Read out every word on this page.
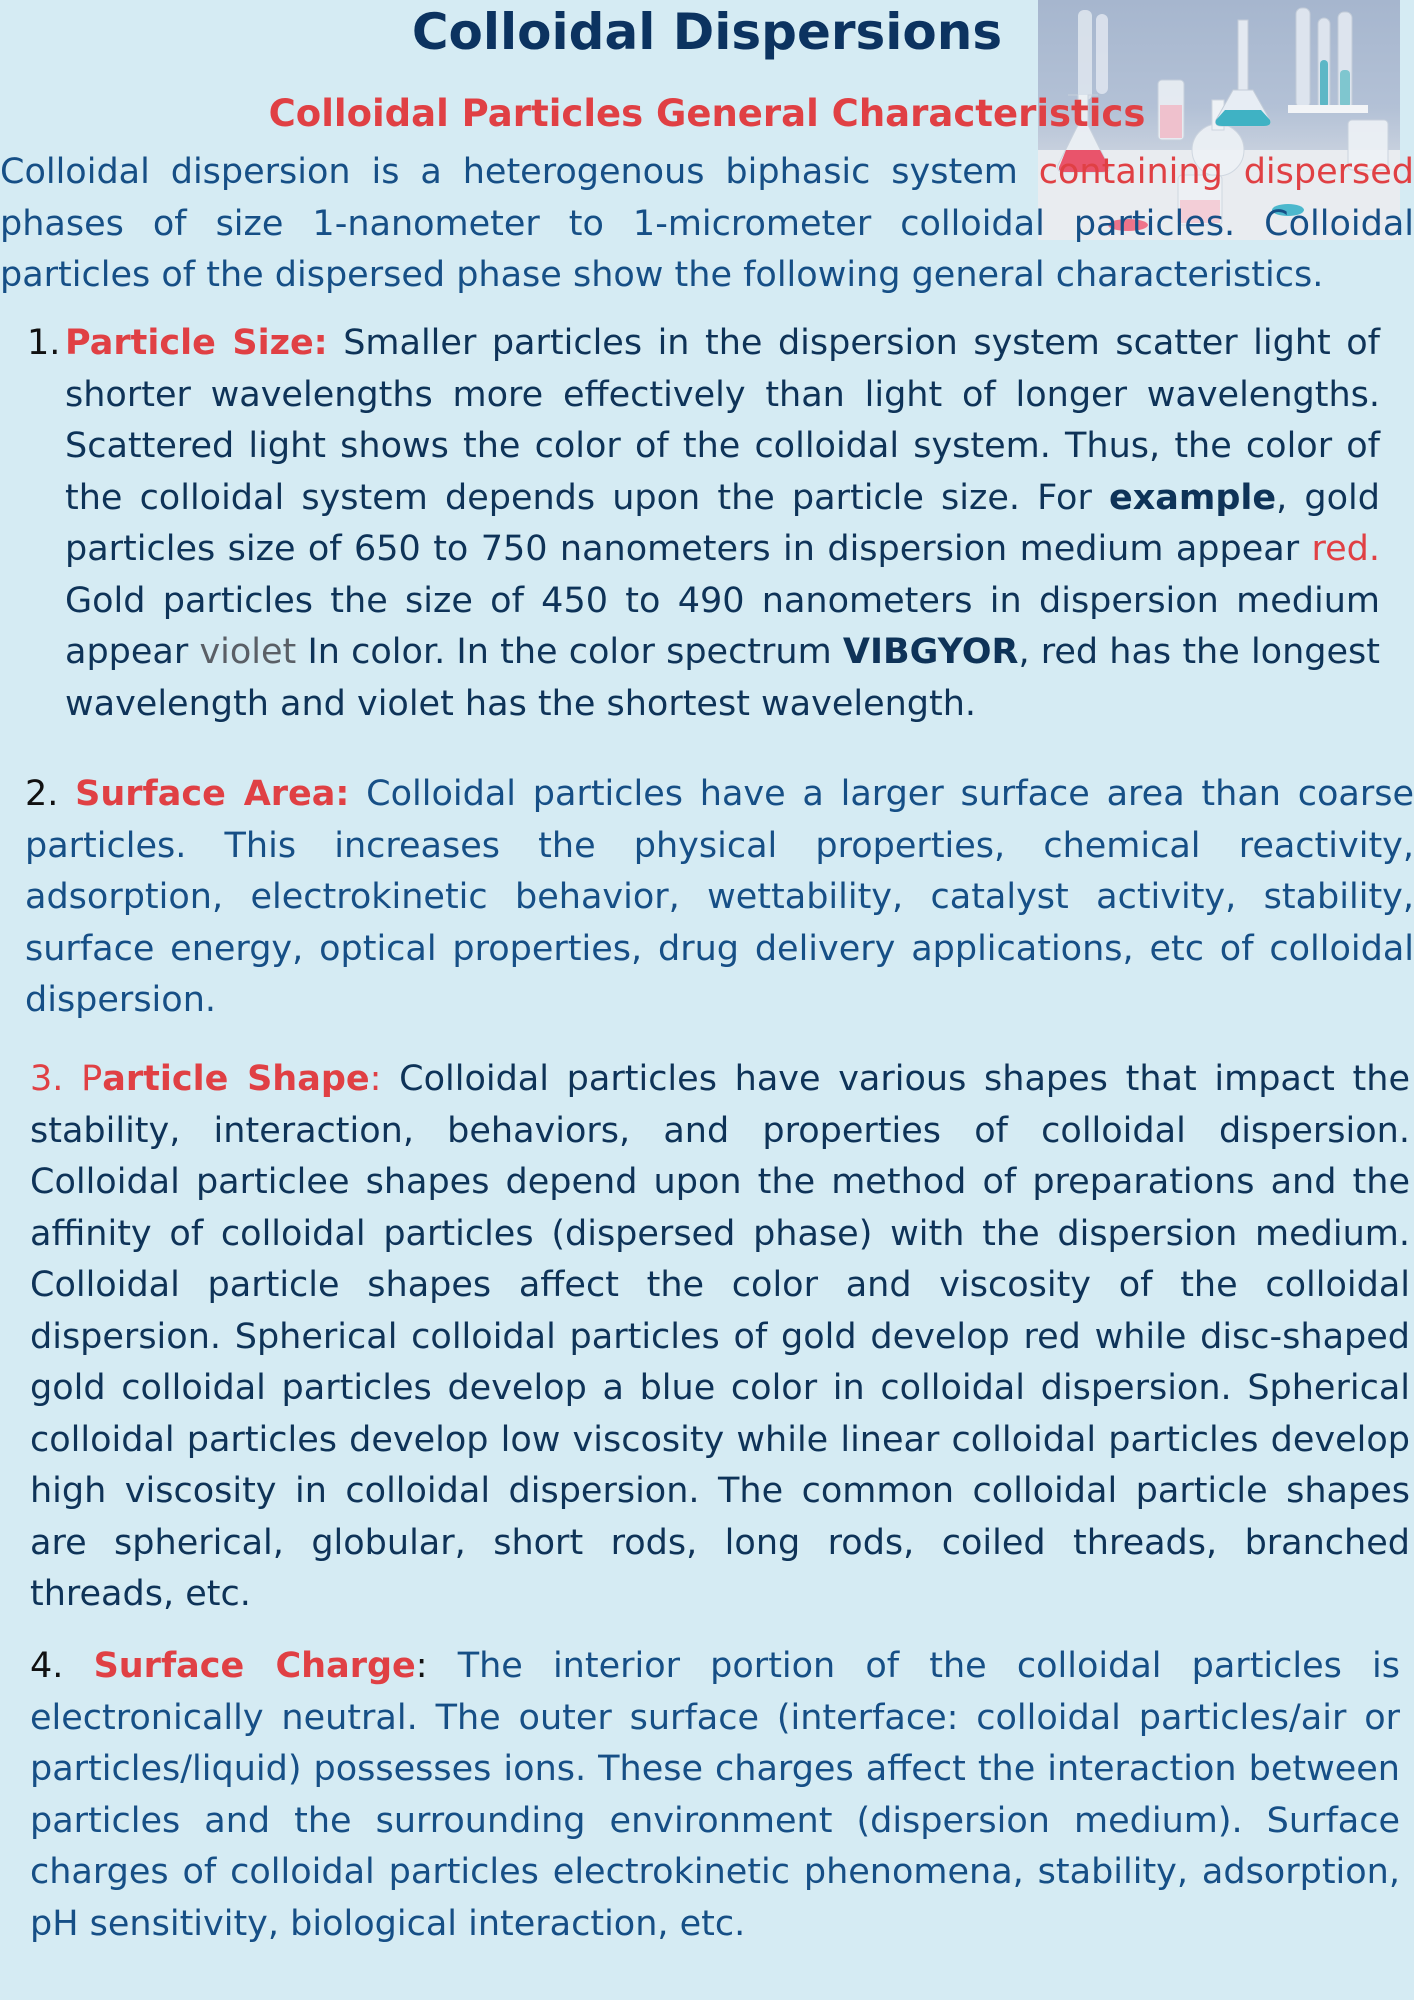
Colloidal Dispersions
Colloidal Particles General Characteristics

Colloidal dispersion is a heterogenous biphasic system containing dispersed phases of size 1-nanometer to 1-micrometer colloidal particles. Colloidal particles of the dispersed phase show the following general characteristics.

1. Particle Size: Smaller particles in the dispersion system scatter light of shorter wavelengths more effectively than light of longer wavelengths. Scattered light shows the color of the colloidal system. Thus, the color of the colloidal system depends upon the particle size. For example, gold particles size of 650 to 750 nanometers in dispersion medium appear red. Gold particles the size of 450 to 490 nanometers in dispersion medium appear violet In color. In the color spectrum VIBGYOR, red has the longest wavelength and violet has the shortest wavelength.

2. Surface Area: Colloidal particles have a larger surface area than coarse particles. This increases the physical properties, chemical reactivity, adsorption, electrokinetic behavior, wettability, catalyst activity, stability, surface energy, optical properties, drug delivery applications, etc of colloidal dispersion.

3. Particle Shape: Colloidal particles have various shapes that impact the stability, interaction, behaviors, and properties of colloidal dispersion. Colloidal particlee shapes depend upon the method of preparations and the affinity of colloidal particles (dispersed phase) with the dispersion medium. Colloidal particle shapes affect the color and viscosity of the colloidal dispersion. Spherical colloidal particles of gold develop red while disc-shaped gold colloidal particles develop a blue color in colloidal dispersion. Spherical colloidal particles develop low viscosity while linear colloidal particles develop high viscosity in colloidal dispersion. The common colloidal particle shapes are spherical, globular, short rods, long rods, coiled threads, branched threads, etc.

4. Surface Charge: The interior portion of the colloidal particles is electronically neutral. The outer surface (interface: colloidal particles/air or particles/liquid) possesses ions. These charges affect the interaction between particles and the surrounding environment (dispersion medium). Surface charges of colloidal particles electrokinetic phenomena, stability, adsorption, pH sensitivity, biological interaction, etc.
